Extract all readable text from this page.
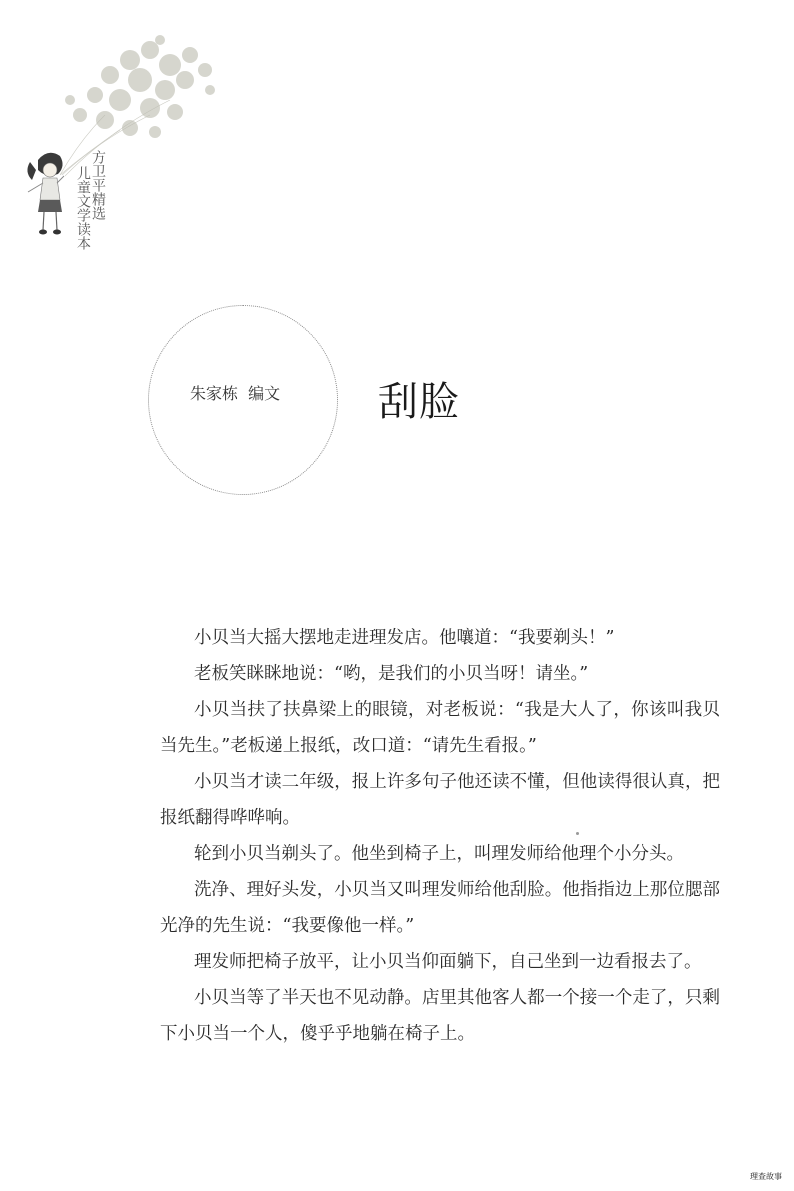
方卫平精选
儿童文学读本
朱家栋  编文	刮脸

小贝当大摇大摆地走进理发店。他嚷道：“我要剃头！”

老板笑眯眯地说：“哟，是我们的小贝当呀！请坐。”

小贝当扶了扶鼻梁上的眼镜，对老板说：“我是大人了，你该叫我贝当先生。”老板递上报纸，改口道：“请先生看报。”

小贝当才读二年级，报上许多句子他还读不懂，但他读得很认真，把报纸翻得哗哗响。

轮到小贝当剃头了。他坐到椅子上，叫理发师给他理个小分头。

洗净、理好头发，小贝当又叫理发师给他刮脸。他指指边上那位腮部光净的先生说：“我要像他一样。”

理发师把椅子放平，让小贝当仰面躺下，自己坐到一边看报去了。

小贝当等了半天也不见动静。店里其他客人都一个接一个走了，只剩下小贝当一个人，傻乎乎地躺在椅子上。

理查故事
